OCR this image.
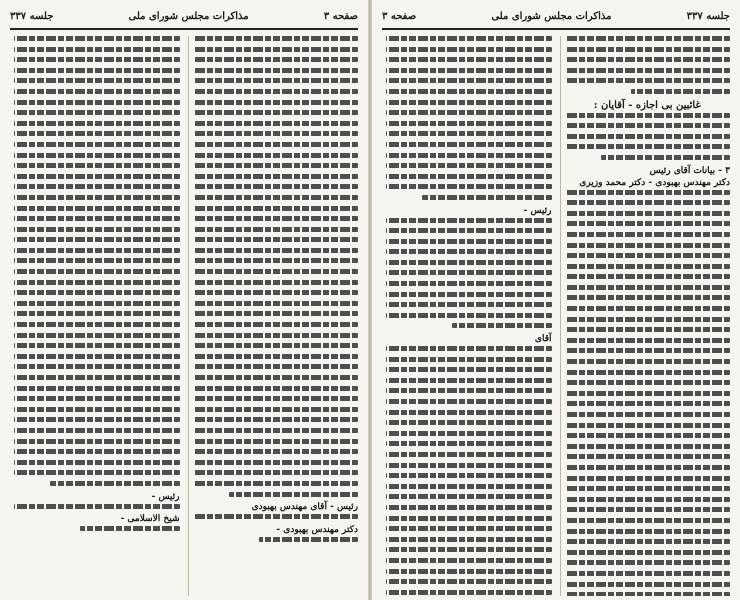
صفحه ٣	مذاکرات مجلس شورای ملی	جلسه ٣٣٧
غائبین بی اجازه - آقایان :
٣ - بیانات آقای رئیس
دکتر مهندس بهبودی - دکتر محمد وزیری
رئیس -
آقای
جلسه ٣٣٧	مذاکرات مجلس شورای ملی	صفحه ٣
رئیس - آقای مهندس بهبودی
دکتر مهندس بهبودی -
رئیس -
شیخ الاسلامی -
